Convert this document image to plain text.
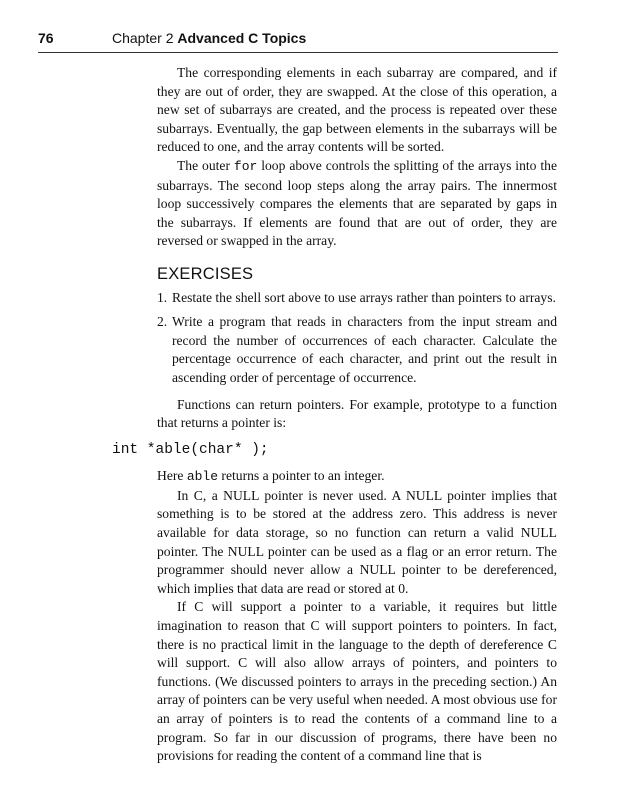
76	Chapter 2 Advanced C Topics

The corresponding elements in each subarray are compared, and if they are out of order, they are swapped. At the close of this operation, a new set of subarrays are created, and the process is repeated over these subarrays. Eventually, the gap between elements in the subarrays will be reduced to one, and the array contents will be sorted.

The outer for loop above controls the splitting of the arrays into the subarrays. The second loop steps along the array pairs. The innermost loop successively compares the elements that are separated by gaps in the subarrays. If elements are found that are out of order, they are reversed or swapped in the array.

EXERCISES
1. Restate the shell sort above to use arrays rather than pointers to arrays.
2. Write a program that reads in characters from the input stream and record the number of occurrences of each character. Calculate the percentage occurrence of each character, and print out the result in ascending order of percentage of occurrence.

Functions can return pointers. For example, prototype to a function that returns a pointer is:

int *able(char* );

Here able returns a pointer to an integer.

In C, a NULL pointer is never used. A NULL pointer implies that something is to be stored at the address zero. This address is never available for data storage, so no function can return a valid NULL pointer. The NULL pointer can be used as a flag or an error return. The programmer should never allow a NULL pointer to be dereferenced, which implies that data are read or stored at 0.

If C will support a pointer to a variable, it requires but little imagination to reason that C will support pointers to pointers. In fact, there is no practical limit in the language to the depth of dereference C will support. C will also allow arrays of pointers, and pointers to functions. (We discussed pointers to arrays in the preceding section.) An array of pointers can be very useful when needed. A most obvious use for an array of pointers is to read the contents of a command line to a program. So far in our discussion of programs, there have been no provisions for reading the content of a command line that is
